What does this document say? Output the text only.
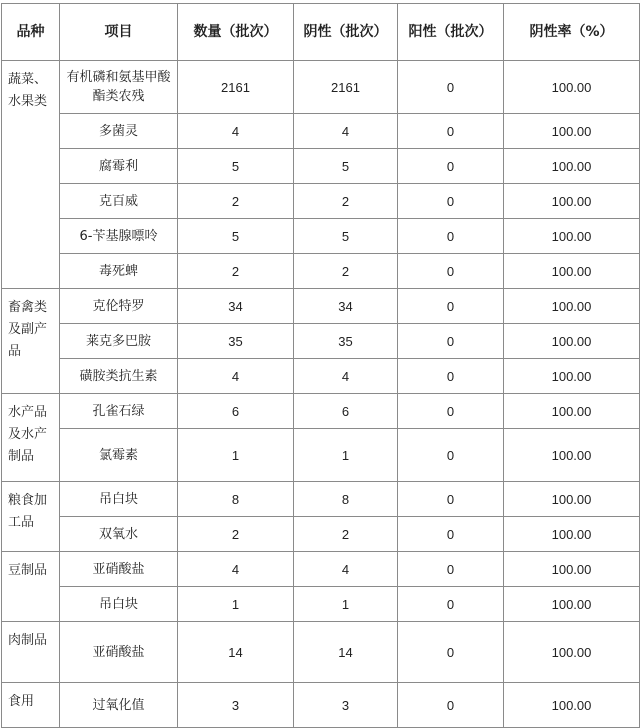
品种	项目	数量（批次）	阴性（批次）	阳性（批次）	阴性率（%）
蔬菜、水果类	有机磷和氨基甲酸酯类农残	2161	2161	0	100.00
	多菌灵	4	4	0	100.00
	腐霉利	5	5	0	100.00
	克百威	2	2	0	100.00
	6-苄基腺嘌呤	5	5	0	100.00
	毒死蜱	2	2	0	100.00
畜禽类及副产品	克伦特罗	34	34	0	100.00
	莱克多巴胺	35	35	0	100.00
	磺胺类抗生素	4	4	0	100.00
水产品及水产制品	孔雀石绿	6	6	0	100.00
	氯霉素	1	1	0	100.00
粮食加工品	吊白块	8	8	0	100.00
	双氧水	2	2	0	100.00
豆制品	亚硝酸盐	4	4	0	100.00
	吊白块	1	1	0	100.00
肉制品	亚硝酸盐	14	14	0	100.00
食用	过氧化值	3	3	0	100.00
